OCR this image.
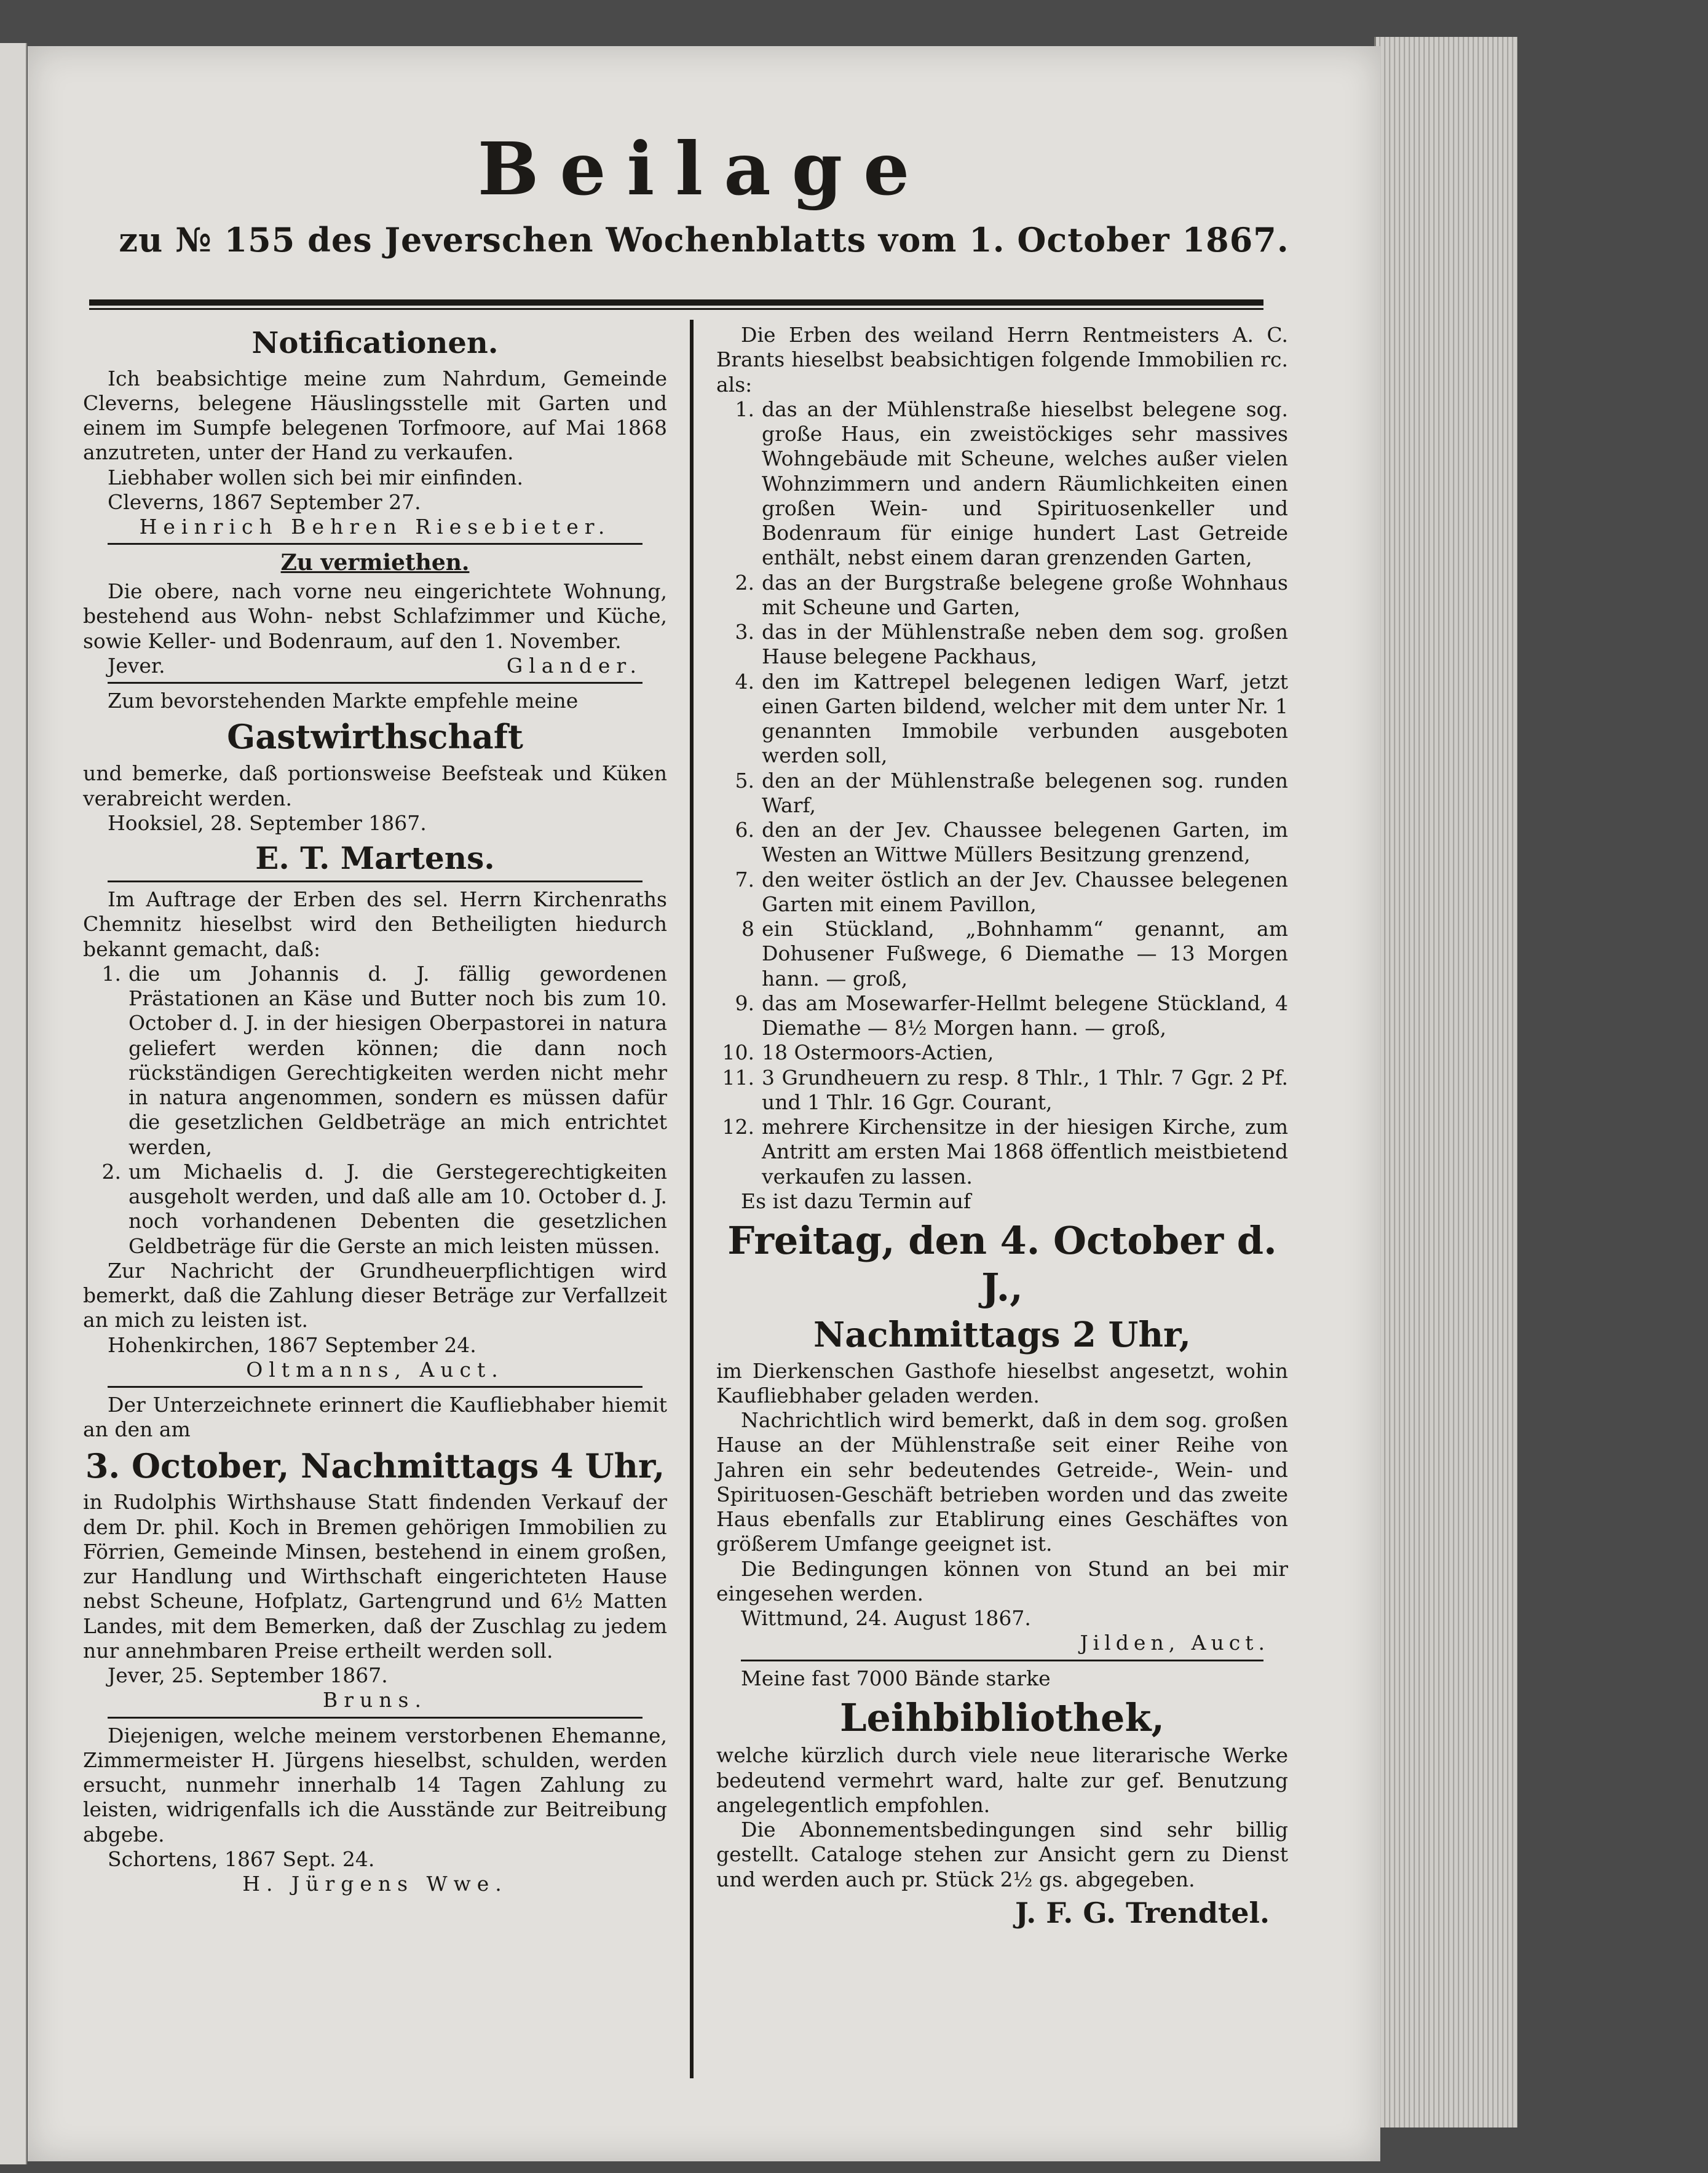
Beilage
zu № 155 des Jeverschen Wochenblatts vom 1. October 1867.
Notificationen.

Ich beabsichtige meine zum Nahrdum, Gemeinde Cleverns, belegene Häuslingsstelle mit Garten und einem im Sumpfe belegenen Torfmoore, auf Mai 1868 anzutreten, unter der Hand zu verkaufen.

Liebhaber wollen sich bei mir einfinden.

Cleverns, 1867 September 27.

Heinrich Behren Riesebieter.

Zu vermiethen.

Die obere, nach vorne neu eingerichtete Wohnung, bestehend aus Wohn- nebst Schlafzimmer und Küche, sowie Keller- und Bodenraum, auf den 1. November.

Jever.	Glander.

Zum bevorstehenden Markte empfehle meine

Gastwirthschaft

und bemerke, daß portionsweise Beefsteak und Küken verabreicht werden.

Hooksiel, 28. September 1867.

E. T. Martens.

Im Auftrage der Erben des sel. Herrn Kirchenraths Chemnitz hieselbst wird den Betheiligten hiedurch bekannt gemacht, daß:

1. die um Johannis d. J. fällig gewordenen Prästationen an Käse und Butter noch bis zum 10. October d. J. in der hiesigen Oberpastorei in natura geliefert werden können; die dann noch rückständigen Gerechtigkeiten werden nicht mehr in natura angenommen, sondern es müssen dafür die gesetzlichen Geldbeträge an mich entrichtet werden,
2. um Michaelis d. J. die Gerstegerechtigkeiten ausgeholt werden, und daß alle am 10. October d. J. noch vorhandenen Debenten die gesetzlichen Geldbeträge für die Gerste an mich leisten müssen.

Zur Nachricht der Grundheuerpflichtigen wird bemerkt, daß die Zahlung dieser Beträge zur Verfallzeit an mich zu leisten ist.

Hohenkirchen, 1867 September 24.

Oltmanns, Auct.

Der Unterzeichnete erinnert die Kaufliebhaber hiemit an den am

3. October, Nachmittags 4 Uhr,

in Rudolphis Wirthshause Statt findenden Verkauf der dem Dr. phil. Koch in Bremen gehörigen Immobilien zu Förrien, Gemeinde Minsen, bestehend in einem großen, zur Handlung und Wirthschaft eingerichteten Hause nebst Scheune, Hofplatz, Gartengrund und 6½ Matten Landes, mit dem Bemerken, daß der Zuschlag zu jedem nur annehmbaren Preise ertheilt werden soll.

Jever, 25. September 1867.

Bruns.

Diejenigen, welche meinem verstorbenen Ehemanne, Zimmermeister H. Jürgens hieselbst, schulden, werden ersucht, nunmehr innerhalb 14 Tagen Zahlung zu leisten, widrigenfalls ich die Ausstände zur Beitreibung abgebe.

Schortens, 1867 Sept. 24.

H. Jürgens Wwe.

Die Erben des weiland Herrn Rentmeisters A. C. Brants hieselbst beabsichtigen folgende Immobilien rc. als:

1. das an der Mühlenstraße hieselbst belegene sog. große Haus, ein zweistöckiges sehr massives Wohngebäude mit Scheune, welches außer vielen Wohnzimmern und andern Räumlichkeiten einen großen Wein- und Spirituosenkeller und Bodenraum für einige hundert Last Getreide enthält, nebst einem daran grenzenden Garten,
2. das an der Burgstraße belegene große Wohnhaus mit Scheune und Garten,
3. das in der Mühlenstraße neben dem sog. großen Hause belegene Packhaus,
4. den im Kattrepel belegenen ledigen Warf, jetzt einen Garten bildend, welcher mit dem unter Nr. 1 genannten Immobile verbunden ausgeboten werden soll,
5. den an der Mühlenstraße belegenen sog. runden Warf,
6. den an der Jev. Chaussee belegenen Garten, im Westen an Wittwe Müllers Besitzung grenzend,
7. den weiter östlich an der Jev. Chaussee belegenen Garten mit einem Pavillon,
8 ein Stückland, „Bohnhamm“ genannt, am Dohusener Fußwege, 6 Diemathe — 13 Morgen hann. — groß,
9. das am Mosewarfer-Hellmt belegene Stückland, 4 Diemathe — 8½ Morgen hann. — groß,
10. 18 Ostermoors-Actien,
11. 3 Grundheuern zu resp. 8 Thlr., 1 Thlr. 7 Ggr. 2 Pf. und 1 Thlr. 16 Ggr. Courant,
12. mehrere Kirchensitze in der hiesigen Kirche, zum Antritt am ersten Mai 1868 öffentlich meistbietend verkaufen zu lassen.

Es ist dazu Termin auf

Freitag, den 4. October d. J.,
Nachmittags 2 Uhr,

im Dierkenschen Gasthofe hieselbst angesetzt, wohin Kaufliebhaber geladen werden.

Nachrichtlich wird bemerkt, daß in dem sog. großen Hause an der Mühlenstraße seit einer Reihe von Jahren ein sehr bedeutendes Getreide-, Wein- und Spirituosen-Geschäft betrieben worden und das zweite Haus ebenfalls zur Etablirung eines Geschäftes von größerem Umfange geeignet ist.

Die Bedingungen können von Stund an bei mir eingesehen werden.

Wittmund, 24. August 1867.

Jilden, Auct.

Meine fast 7000 Bände starke

Leihbibliothek,

welche kürzlich durch viele neue literarische Werke bedeutend vermehrt ward, halte zur gef. Benutzung angelegentlich empfohlen.

Die Abonnementsbedingungen sind sehr billig gestellt. Cataloge stehen zur Ansicht gern zu Dienst und werden auch pr. Stück 2½ gs. abgegeben.

J. F. G. Trendtel.
